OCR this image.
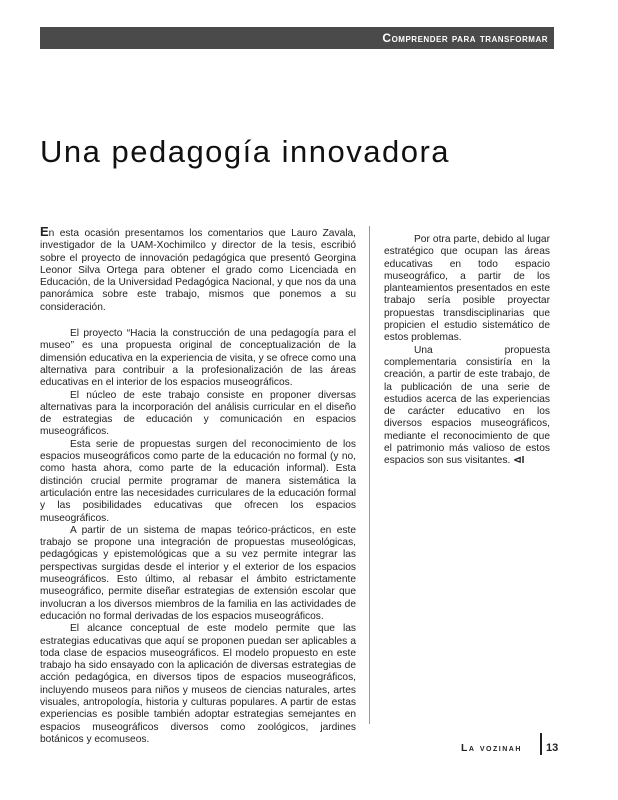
Comprender para transformar
Una pedagogía innovadora

En esta ocasión presentamos los comentarios que Lauro Zavala, investigador de la UAM-Xochimilco y director de la tesis, escribió sobre el proyecto de innovación pedagógica que presentó Georgina Leonor Silva Ortega para obtener el grado como Licenciada en Educación, de la Universidad Pedagógica Nacional, y que nos da una panorámica sobre este trabajo, mismos que ponemos a su consideración.

El proyecto “Hacia la construcción de una pedagogía para el museo” es una propuesta original de conceptualización de la dimensión educativa en la experiencia de visita, y se ofrece como una alternativa para contribuir a la profesionalización de las áreas educativas en el interior de los espacios museográficos.

El núcleo de este trabajo consiste en proponer diversas alternativas para la incorporación del análisis curricular en el diseño de estrategias de educación y comunicación en espacios museográficos.

Esta serie de propuestas surgen del reconocimiento de los espacios museográficos como parte de la educación no formal (y no, como hasta ahora, como parte de la educación informal). Esta distinción crucial permite programar de manera sistemática la articulación entre las necesidades curriculares de la educación formal y las posibilidades educativas que ofrecen los espacios museográficos.

A partir de un sistema de mapas teórico-prácticos, en este trabajo se propone una integración de propuestas museológicas, pedagógicas y epistemológicas que a su vez permite integrar las perspectivas surgidas desde el interior y el exterior de los espacios museográficos. Esto último, al rebasar el ámbito estrictamente museográfico, permite diseñar estrategias de extensión escolar que involucran a los diversos miembros de la familia en las actividades de educación no formal derivadas de los espacios museográficos.

El alcance conceptual de este modelo permite que las estrategias educativas que aquí se proponen puedan ser aplicables a toda clase de espacios museográficos. El modelo propuesto en este trabajo ha sido ensayado con la aplicación de diversas estrategias de acción pedagógica, en diversos tipos de espacios museográficos, incluyendo museos para niños y museos de ciencias naturales, artes visuales, antropología, historia y culturas populares. A partir de estas experiencias es posible también adoptar estrategias semejantes en espacios museográficos diversos como zoológicos, jardines botánicos y ecomuseos.

Por otra parte, debido al lugar estratégico que ocupan las áreas educativas en todo espacio museográfico, a partir de los planteamientos presentados en este trabajo sería posible proyectar propuestas transdisciplinarias que propicien el estudio sistemático de estos problemas.

Una propuesta complementaria consistiría en la creación, a partir de este trabajo, de la publicación de una serie de estudios acerca de las experiencias de carácter educativo en los diversos espacios museográficos, mediante el reconocimiento de que el patrimonio más valioso de estos espacios son sus visitantes. ⊲I

La vozinah 13
